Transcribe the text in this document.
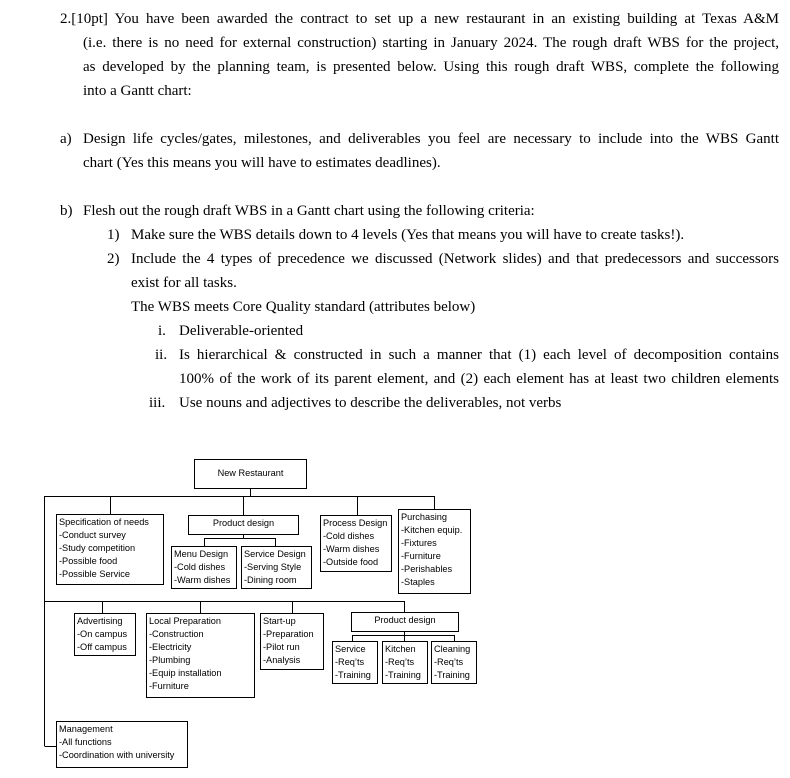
2.[10pt] You have been awarded the contract to set up a new restaurant in an existing building at Texas A&M
(i.e. there is no need for external construction) starting in January 2024. The rough draft WBS for the project,
as developed by the planning team, is presented below. Using this rough draft WBS, complete the following
into a Gantt chart:
a) Design life cycles/gates, milestones, and deliverables you feel are necessary to include into the WBS Gantt
chart (Yes this means you will have to estimates deadlines).
b) Flesh out the rough draft WBS in a Gantt chart using the following criteria:
1) Make sure the WBS details down to 4 levels (Yes that means you will have to create tasks!).
2) Include the 4 types of precedence we discussed (Network slides) and that predecessors and successors
exist for all tasks.
The WBS meets Core Quality standard (attributes below)
i. Deliverable-oriented
ii. Is hierarchical & constructed in such a manner that (1) each level of decomposition contains
100% of the work of its parent element, and (2) each element has at least two children elements
iii. Use nouns and adjectives to describe the deliverables, not verbs
New Restaurant
Specification of needs
-Conduct survey
-Study competition
-Possible food
-Possible Service
Product design
Menu Design
-Cold dishes
-Warm dishes
Service Design
-Serving Style
-Dining room
Process Design
-Cold dishes
-Warm dishes
-Outside food
Purchasing
-Kitchen equip.
-Fixtures
-Furniture
-Perishables
-Staples
Advertising
-On campus
-Off campus
Local Preparation
-Construction
-Electricity
-Plumbing
-Equip installation
-Furniture
Start-up
-Preparation
-Pilot run
-Analysis
Product design
Service
-Req’ts
-Training
Kitchen
-Req’ts
-Training
Cleaning
-Req’ts
-Training
Management
-All functions
-Coordination with university
